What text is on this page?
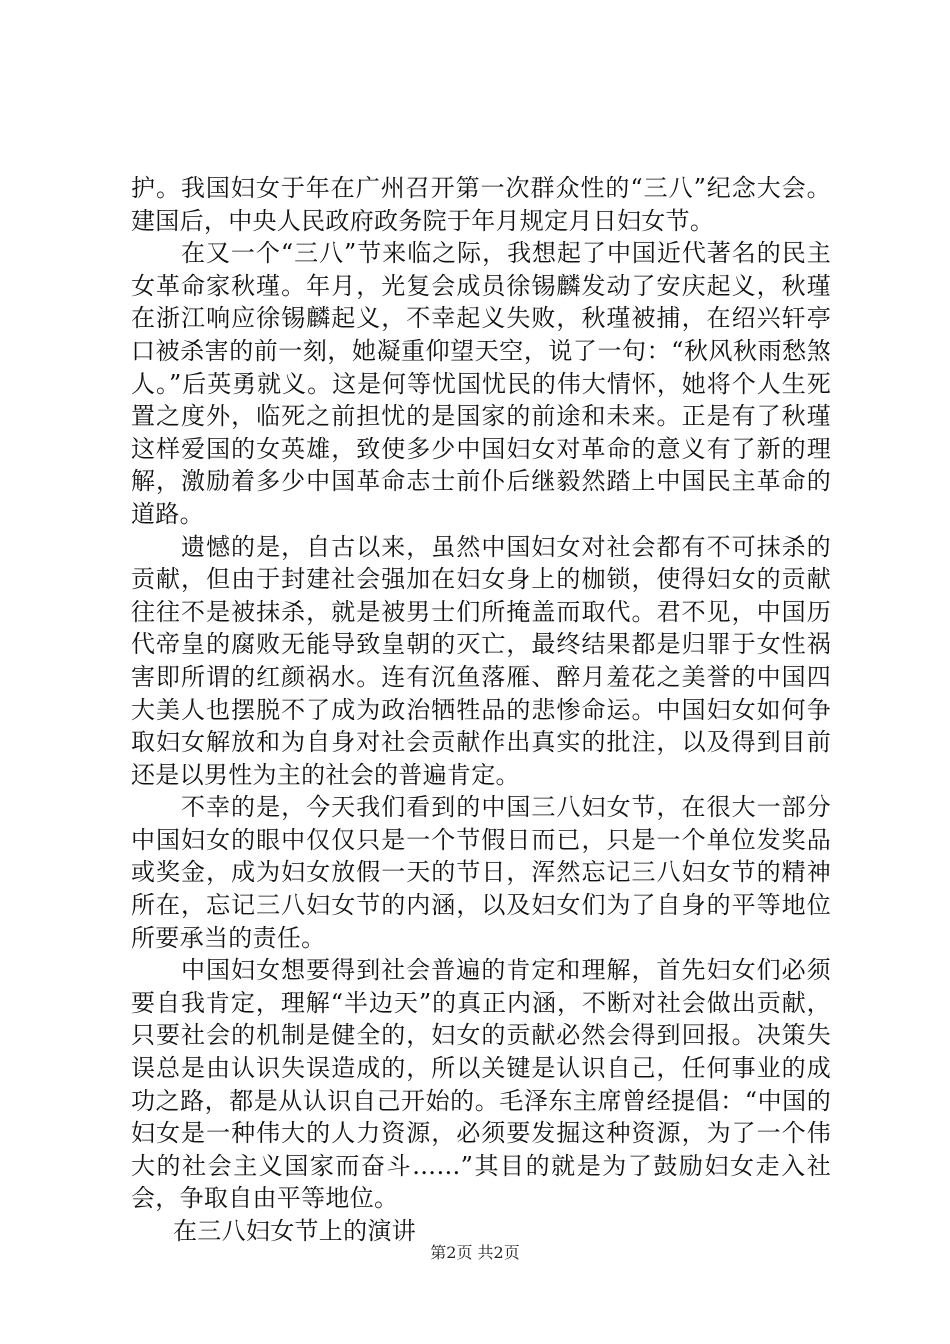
护。我国妇女于年在广州召开第一次群众性的“三八”纪念大会。建国后，中央人民政府政务院于年月规定月日妇女节。

在又一个“三八”节来临之际，我想起了中国近代著名的民主女革命家秋瑾。年月，光复会成员徐锡麟发动了安庆起义，秋瑾在浙江响应徐锡麟起义，不幸起义失败，秋瑾被捕，在绍兴轩亭口被杀害的前一刻，她凝重仰望天空，说了一句：“秋风秋雨愁煞人。”后英勇就义。这是何等忧国忧民的伟大情怀，她将个人生死置之度外，临死之前担忧的是国家的前途和未来。正是有了秋瑾这样爱国的女英雄，致使多少中国妇女对革命的意义有了新的理解，激励着多少中国革命志士前仆后继毅然踏上中国民主革命的道路。

遗憾的是，自古以来，虽然中国妇女对社会都有不可抹杀的贡献，但由于封建社会强加在妇女身上的枷锁，使得妇女的贡献往往不是被抹杀，就是被男士们所掩盖而取代。君不见，中国历代帝皇的腐败无能导致皇朝的灭亡，最终结果都是归罪于女性祸害即所谓的红颜祸水。连有沉鱼落雁、醉月羞花之美誉的中国四大美人也摆脱不了成为政治牺牲品的悲惨命运。中国妇女如何争取妇女解放和为自身对社会贡献作出真实的批注，以及得到目前还是以男性为主的社会的普遍肯定。

不幸的是，今天我们看到的中国三八妇女节，在很大一部分中国妇女的眼中仅仅只是一个节假日而已，只是一个单位发奖品或奖金，成为妇女放假一天的节日，浑然忘记三八妇女节的精神所在，忘记三八妇女节的内涵，以及妇女们为了自身的平等地位所要承当的责任。

中国妇女想要得到社会普遍的肯定和理解，首先妇女们必须要自我肯定，理解“半边天”的真正内涵，不断对社会做出贡献，只要社会的机制是健全的，妇女的贡献必然会得到回报。决策失误总是由认识失误造成的，所以关键是认识自己，任何事业的成功之路，都是从认识自己开始的。毛泽东主席曾经提倡：“中国的妇女是一种伟大的人力资源，必须要发掘这种资源，为了一个伟大的社会主义国家而奋斗……”其目的就是为了鼓励妇女走入社会，争取自由平等地位。

在三八妇女节上的演讲

第2页 共2页
